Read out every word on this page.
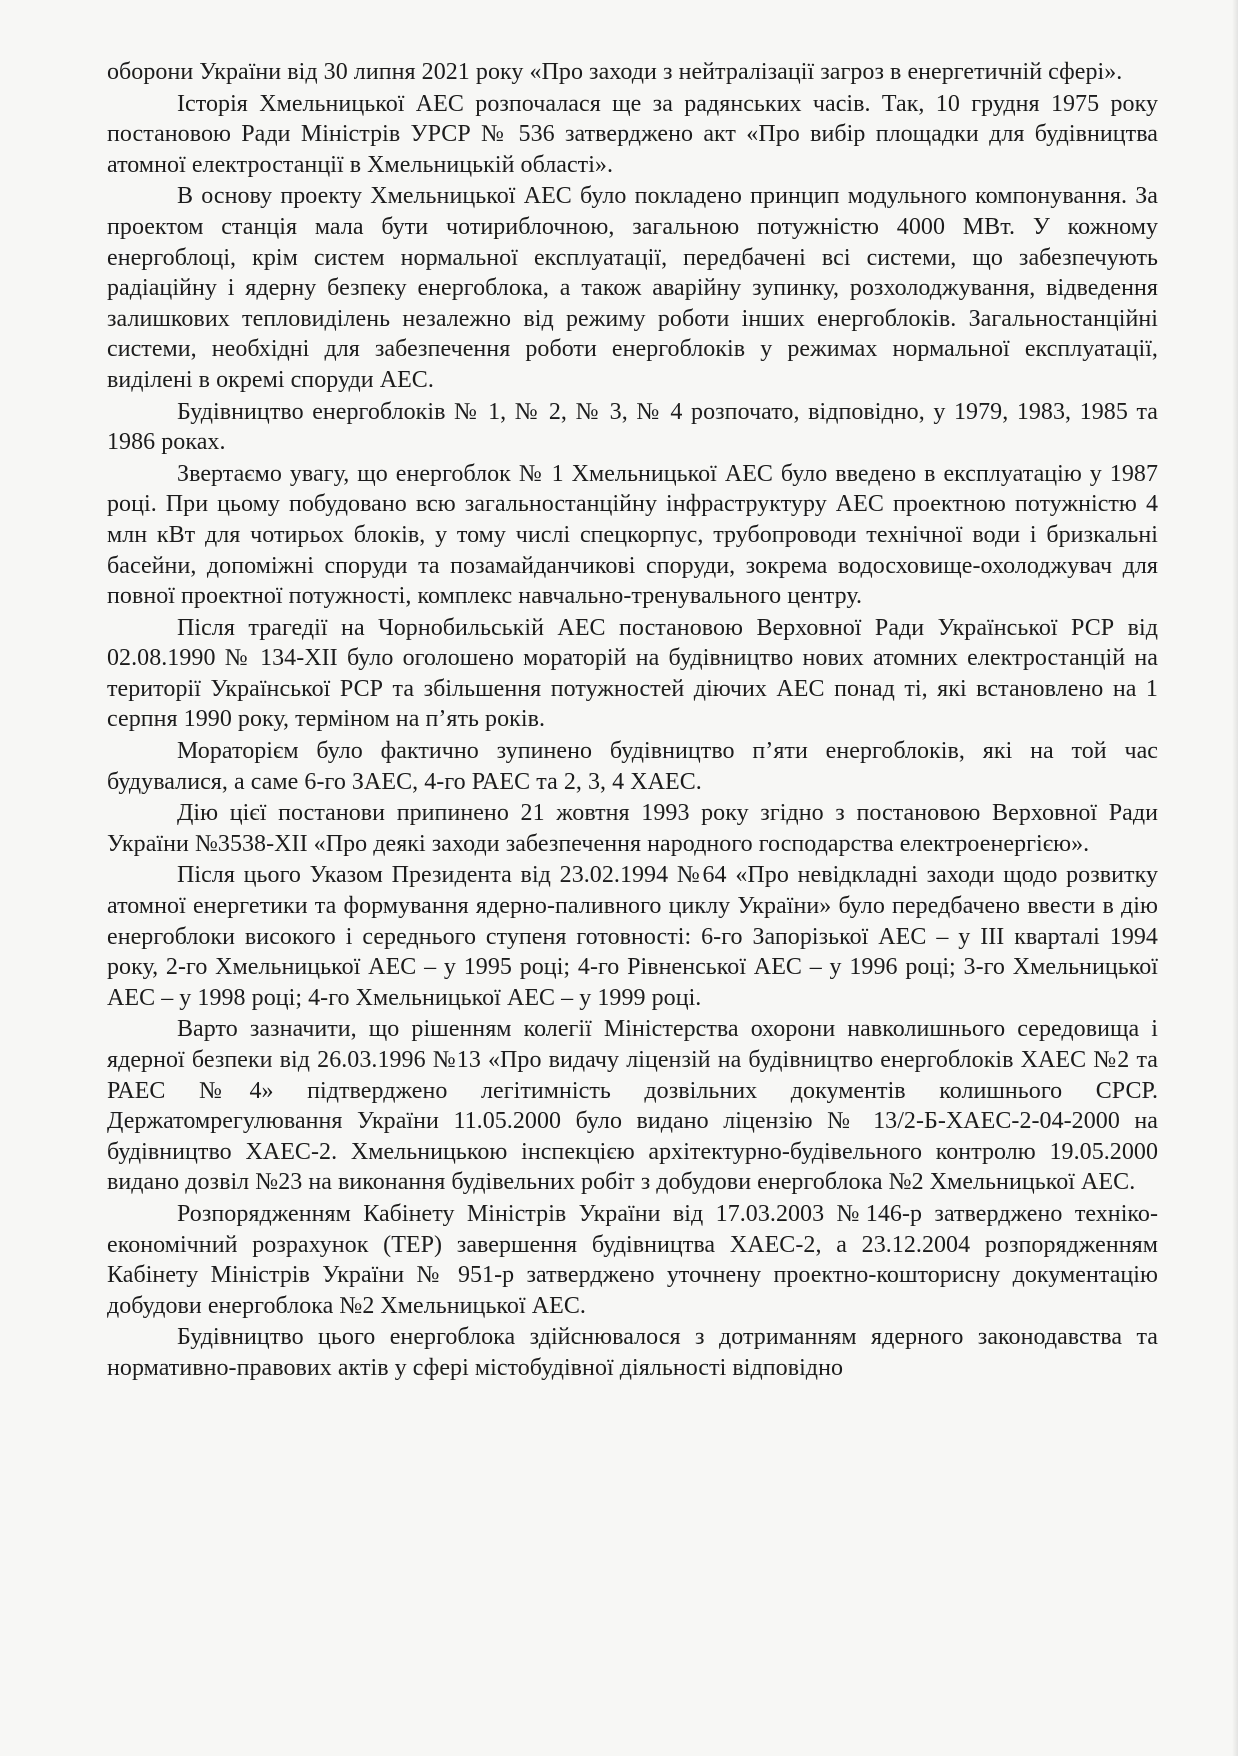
оборони України від 30 липня 2021 року «Про заходи з нейтралізації загроз в енергетичній сфері».

Історія Хмельницької АЕС розпочалася ще за радянських часів. Так, 10 грудня 1975 року постановою Ради Міністрів УРСР № 536 затверджено акт «Про вибір площадки для будівництва атомної електростанції в Хмельницькій області».

В основу проекту Хмельницької АЕС було покладено принцип модульного компонування. За проектом станція мала бути чотириблочною, загальною потужністю 4000 МВт. У кожному енергоблоці, крім систем нормальної експлуатації, передбачені всі системи, що забезпечують радіаційну і ядерну безпеку енергоблока, а також аварійну зупинку, розхолоджування, відведення залишкових тепловиділень незалежно від режиму роботи інших енергоблоків. Загальностанційні системи, необхідні для забезпечення роботи енергоблоків у режимах нормальної експлуатації, виділені в окремі споруди АЕС.

Будівництво енергоблоків № 1, № 2, № 3, № 4 розпочато, відповідно, у 1979, 1983, 1985 та 1986 роках.

Звертаємо увагу, що енергоблок № 1 Хмельницької АЕС було введено в експлуатацію у 1987 році. При цьому побудовано всю загальностанційну інфраструктуру АЕС проектною потужністю 4 млн кВт для чотирьох блоків, у тому числі спецкорпус, трубопроводи технічної води і бризкальні басейни, допоміжні споруди та позамайданчикові споруди, зокрема водосховище-охолоджувач для повної проектної потужності, комплекс навчально-тренувального центру.

Після трагедії на Чорнобильській АЕС постановою Верховної Ради Української РСР від 02.08.1990 № 134-XII було оголошено мораторій на будівництво нових атомних електростанцій на території Української РСР та збільшення потужностей діючих АЕС понад ті, які встановлено на 1 серпня 1990 року, терміном на п’ять років.

Мораторієм було фактично зупинено будівництво п’яти енергоблоків, які на той час будувалися, а саме 6-го ЗАЕС, 4-го РАЕС та 2, 3, 4 ХАЕС.

Дію цієї постанови припинено 21 жовтня 1993 року згідно з постановою Верховної Ради України №3538-XII «Про деякі заходи забезпечення народного господарства електроенергією».

Після цього Указом Президента від 23.02.1994 №64 «Про невідкладні заходи щодо розвитку атомної енергетики та формування ядерно-паливного циклу України» було передбачено ввести в дію енергоблоки високого і середнього ступеня готовності: 6-го Запорізької АЕС – у III кварталі 1994 року, 2-го Хмельницької АЕС – у 1995 році; 4-го Рівненської АЕС – у 1996 році; 3-го Хмельницької АЕС – у 1998 році; 4-го Хмельницької АЕС – у 1999 році.

Варто зазначити, що рішенням колегії Міністерства охорони навколишнього середовища і ядерної безпеки від 26.03.1996 №13 «Про видачу ліцензій на будівництво енергоблоків ХАЕС №2 та РАЕС №4» підтверджено легітимність дозвільних документів колишнього СРСР. Держатомрегулювання України 11.05.2000 було видано ліцензію № 13/2-Б-ХАЕС-2-04-2000 на будівництво ХАЕС-2. Хмельницькою інспекцією архітектурно-будівельного контролю 19.05.2000 видано дозвіл №23 на виконання будівельних робіт з добудови енергоблока №2 Хмельницької АЕС.

Розпорядженням Кабінету Міністрів України від 17.03.2003 №146-р затверджено техніко-економічний розрахунок (ТЕР) завершення будівництва ХАЕС-2, а 23.12.2004 розпорядженням Кабінету Міністрів України № 951-р затверджено уточнену проектно-кошторисну документацію добудови енергоблока №2 Хмельницької АЕС.

Будівництво цього енергоблока здійснювалося з дотриманням ядерного законодавства та нормативно-правових актів у сфері містобудівної діяльності відповідно
